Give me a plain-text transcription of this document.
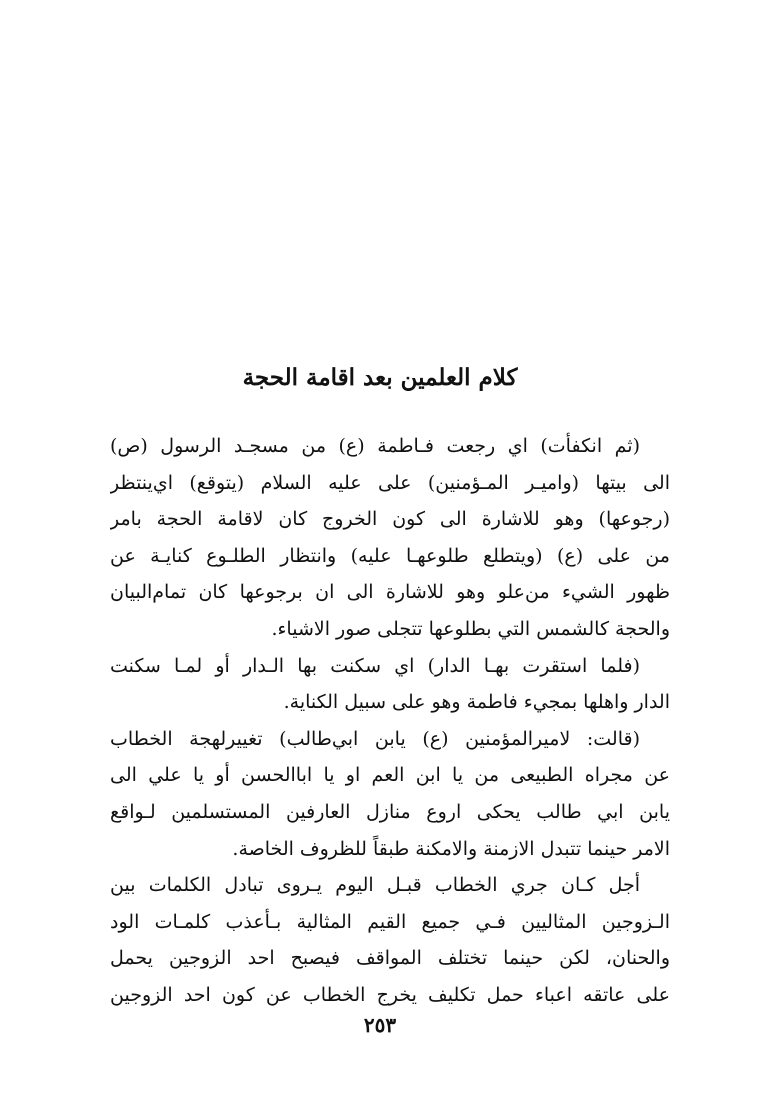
كلام العلمين بعد اقامة الحجة
(ثم انكفأت) اي رجعت فـاطمة (ع) من مسجـد الرسول (ص)
الى بيتها (واميـر المـؤمنين) على عليه السلام (يتوقع) اي‌ينتظر
(رجوعها) وهو للاشارة الى كون الخروج كان لاقامة الحجة بامر
من على (ع) (ويتطلع طلوعهـا عليه) وانتظار الطلـوع كنايـة عن
ظهور الشيء من‌علو وهو للاشارة الى ان برجوعها كان تمام‌البيان
والحجة كالشمس التي بطلوعها تتجلى صور الاشياء.
(فلما استقرت بهـا الدار) اي سكنت بها الـدار أو لمـا سكنت
الدار واهلها بمجيء فاطمة وهو على سبيل الكناية.
(قالت: لاميرالمؤمنين (ع) يابن ابي‌طالب) تغييرلهجة الخطاب
عن مجراه الطبيعى من يا ابن العم او يا اباالحسن أو يا علي الى
يابن ابي طالب يحكى اروع منازل العارفين المستسلمين لـواقع
الامر حينما تتبدل الازمنة والامكنة طبقاً للظروف الخاصة.
أجل كـان جري الخطاب قبـل اليوم يـروى تبادل الكلمات بين
الـزوجين المثاليين فـي جميع القيم المثالية بـأعذب كلمـات الود
والحنان، لكن حينما تختلف المواقف فيصبح احد الزوجين يحمل
على عاتقه اعباء حمل تكليف يخرج الخطاب عن كون احد الزوجين
٢٥٣
